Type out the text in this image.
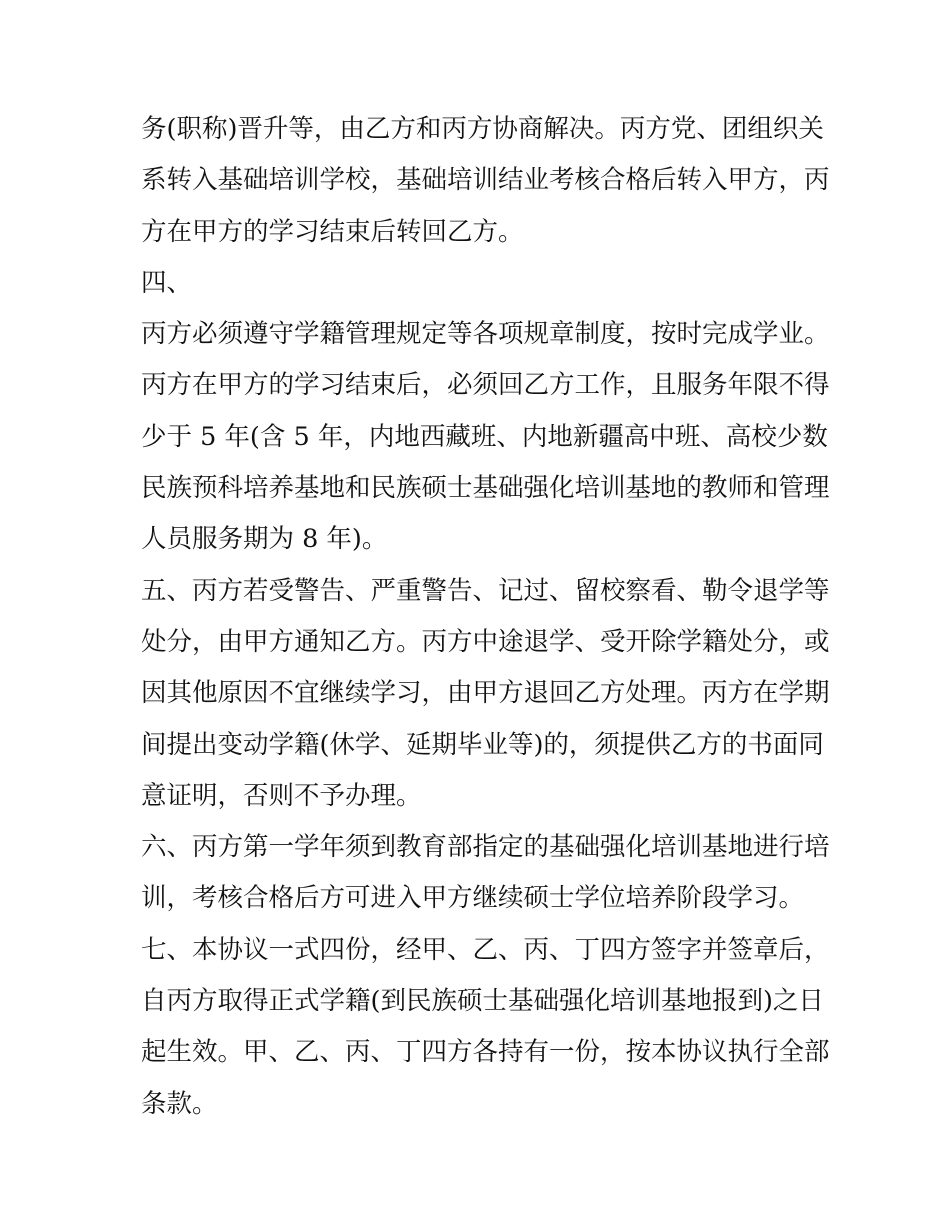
务(职称)晋升等，由乙方和丙方协商解决。丙方党、团组织关
系转入基础培训学校，基础培训结业考核合格后转入甲方，丙
方在甲方的学习结束后转回乙方。
四、
丙方必须遵守学籍管理规定等各项规章制度，按时完成学业。
丙方在甲方的学习结束后，必须回乙方工作，且服务年限不得
少于 5 年(含 5 年，内地西藏班、内地新疆高中班、高校少数
民族预科培养基地和民族硕士基础强化培训基地的教师和管理
人员服务期为 8 年)。
五、丙方若受警告、严重警告、记过、留校察看、勒令退学等
处分，由甲方通知乙方。丙方中途退学、受开除学籍处分，或
因其他原因不宜继续学习，由甲方退回乙方处理。丙方在学期
间提出变动学籍(休学、延期毕业等)的，须提供乙方的书面同
意证明，否则不予办理。
六、丙方第一学年须到教育部指定的基础强化培训基地进行培
训，考核合格后方可进入甲方继续硕士学位培养阶段学习。
七、本协议一式四份，经甲、乙、丙、丁四方签字并签章后，
自丙方取得正式学籍(到民族硕士基础强化培训基地报到)之日
起生效。甲、乙、丙、丁四方各持有一份，按本协议执行全部
条款。
